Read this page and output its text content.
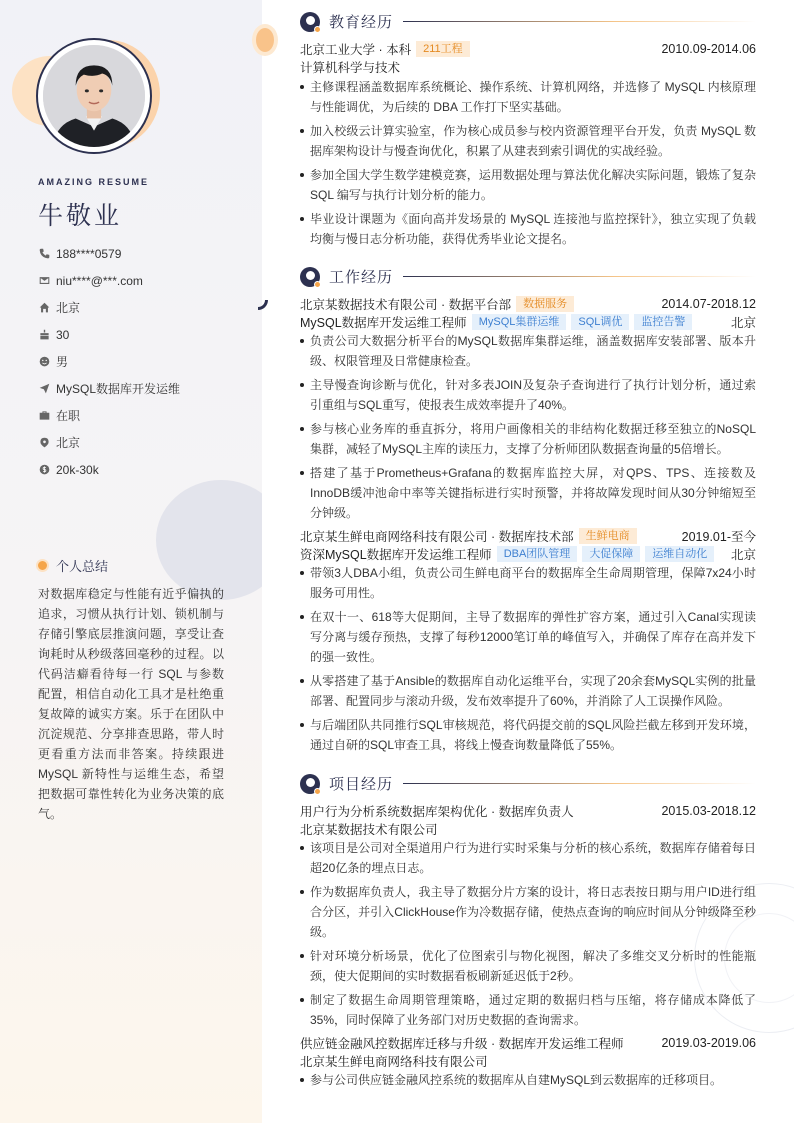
AMAZING RESUME
牛敬业
188****0579
niu****@***.com
北京
30
男
MySQL数据库开发运维
在职
北京
20k-30k
个人总结

对数据库稳定与性能有近乎偏执的追求，习惯从执行计划、锁机制与存储引擎底层推演问题，享受让查询耗时从秒级落回毫秒的过程。以代码洁癖看待每一行 SQL 与参数配置，相信自动化工具才是杜绝重复故障的诚实方案。乐于在团队中沉淀规范、分享排查思路，带人时更看重方法而非答案。持续跟进 MySQL 新特性与运维生态，希望把数据可靠性转化为业务决策的底气。

教育经历
北京工业大学 · 本科	211工程	2010.09-2014.06
计算机科学与技术
主修课程涵盖数据库系统概论、操作系统、计算机网络，并选修了 MySQL 内核原理与性能调优，为后续的 DBA 工作打下坚实基础。
加入校级云计算实验室，作为核心成员参与校内资源管理平台开发，负责 MySQL 数据库架构设计与慢查询优化，积累了从建表到索引调优的实战经验。
参加全国大学生数学建模竞赛，运用数据处理与算法优化解决实际问题，锻炼了复杂 SQL 编写与执行计划分析的能力。
毕业设计课题为《面向高并发场景的 MySQL 连接池与监控探针》，独立实现了负载均衡与慢日志分析功能，获得优秀毕业论文提名。
工作经历
北京某数据技术有限公司 · 数据平台部	数据服务	2014.07-2018.12
MySQL数据库开发运维工程师	MySQL集群运维	SQL调优	监控告警	北京
负责公司大数据分析平台的MySQL数据库集群运维，涵盖数据库安装部署、版本升级、权限管理及日常健康检查。
主导慢查询诊断与优化，针对多表JOIN及复杂子查询进行了执行计划分析，通过索引重组与SQL重写，使报表生成效率提升了40%。
参与核心业务库的垂直拆分，将用户画像相关的非结构化数据迁移至独立的NoSQL集群，减轻了MySQL主库的读压力，支撑了分析师团队数据查询量的5倍增长。
搭建了基于Prometheus+Grafana的数据库监控大屏，对QPS、TPS、连接数及InnoDB缓冲池命中率等关键指标进行实时预警，并将故障发现时间从30分钟缩短至分钟级。
北京某生鲜电商网络科技有限公司 · 数据库技术部	生鲜电商	2019.01-至今
资深MySQL数据库开发运维工程师	DBA团队管理	大促保障	运维自动化	北京
带领3人DBA小组，负责公司生鲜电商平台的数据库全生命周期管理，保障7x24小时服务可用性。
在双十一、618等大促期间，主导了数据库的弹性扩容方案，通过引入Canal实现读写分离与缓存预热，支撑了每秒12000笔订单的峰值写入，并确保了库存在高并发下的强一致性。
从零搭建了基于Ansible的数据库自动化运维平台，实现了20余套MySQL实例的批量部署、配置同步与滚动升级，发布效率提升了60%，并消除了人工误操作风险。
与后端团队共同推行SQL审核规范，将代码提交前的SQL风险拦截左移到开发环境，通过自研的SQL审查工具，将线上慢查询数量降低了55%。
项目经历
用户行为分析系统数据库架构优化 · 数据库负责人	2015.03-2018.12
北京某数据技术有限公司
该项目是公司对全渠道用户行为进行实时采集与分析的核心系统，数据库存储着每日超20亿条的埋点日志。
作为数据库负责人，我主导了数据分片方案的设计，将日志表按日期与用户ID进行组合分区，并引入ClickHouse作为冷数据存储，使热点查询的响应时间从分钟级降至秒级。
针对环境分析场景，优化了位图索引与物化视图，解决了多维交叉分析时的性能瓶颈，使大促期间的实时数据看板刷新延迟低于2秒。
制定了数据生命周期管理策略，通过定期的数据归档与压缩，将存储成本降低了35%，同时保障了业务部门对历史数据的查询需求。
供应链金融风控数据库迁移与升级 · 数据库开发运维工程师	2019.03-2019.06
北京某生鲜电商网络科技有限公司
参与公司供应链金融风控系统的数据库从自建MySQL到云数据库的迁移项目。
